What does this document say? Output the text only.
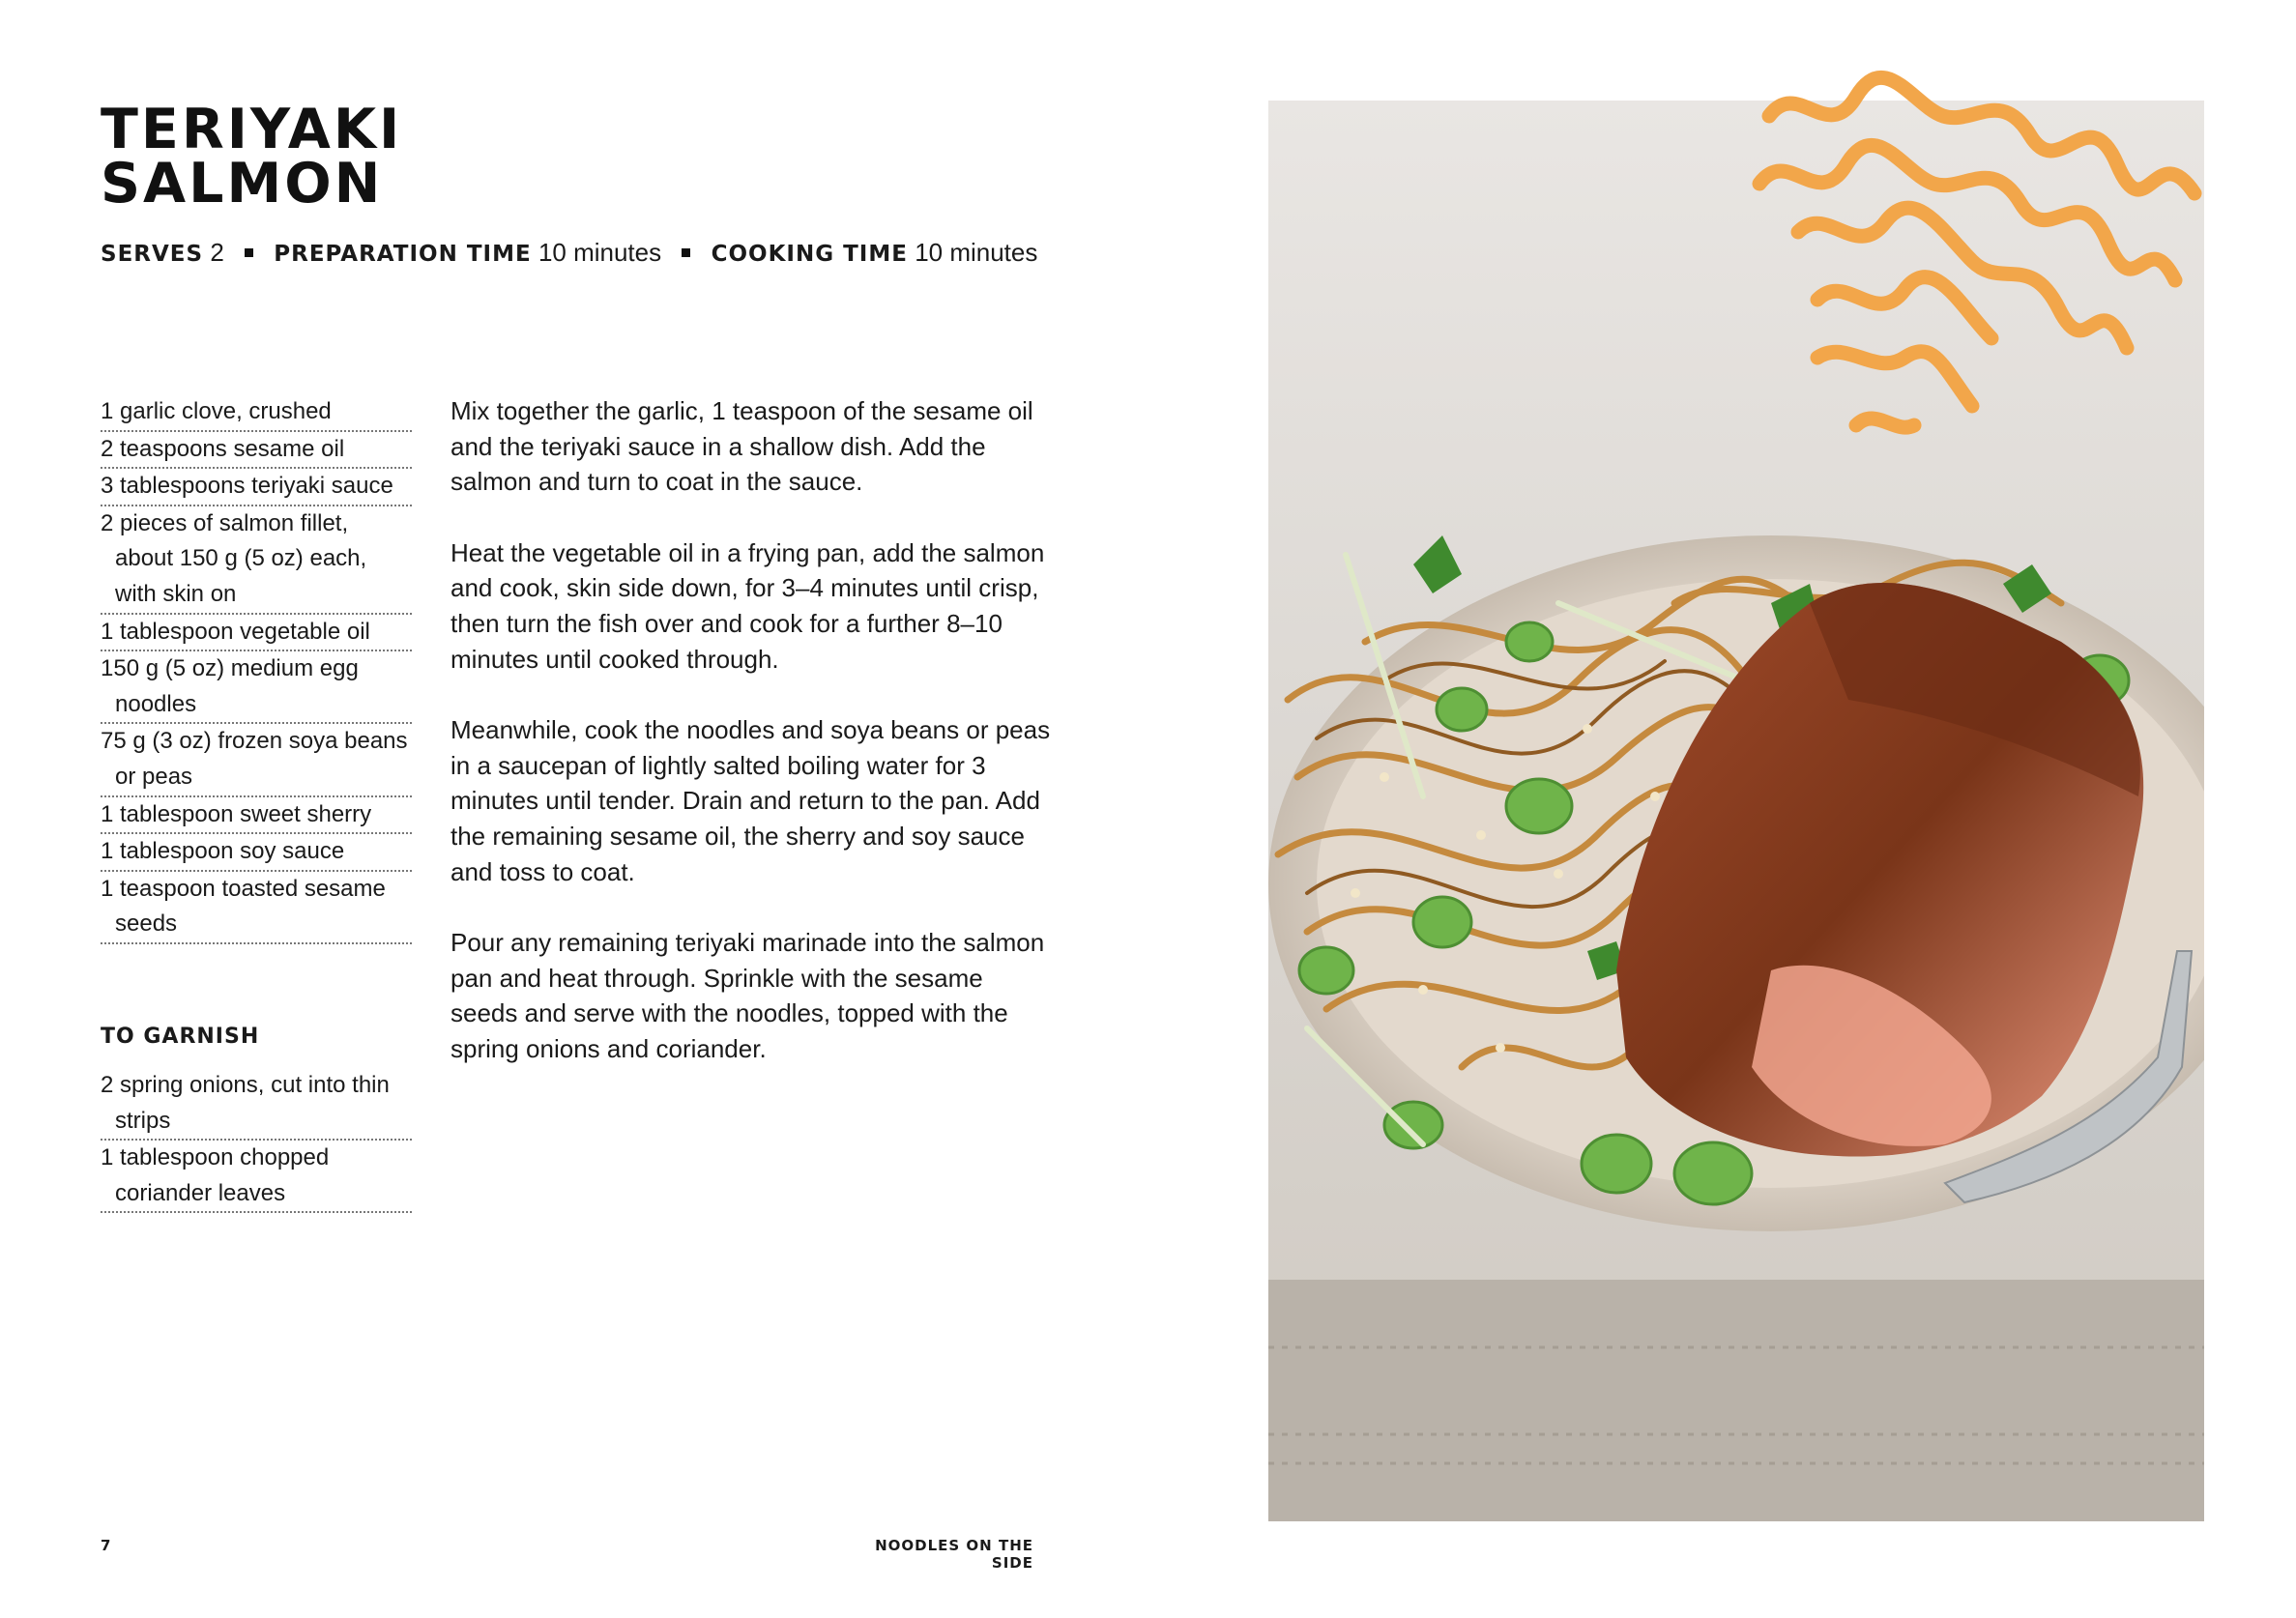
TERIYAKI
SALMON
SERVES 2 PREPARATION TIME 10 minutes COOKING TIME 10 minutes
1 garlic clove, crushed
2 teaspoons sesame oil
3 tablespoons teriyaki sauce
2 pieces of salmon fillet, about 150 g (5 oz) each, with skin on
1 tablespoon vegetable oil
150 g (5 oz) medium egg noodles
75 g (3 oz) frozen soya beans or peas
1 tablespoon sweet sherry
1 tablespoon soy sauce
1 teaspoon toasted sesame seeds
TO GARNISH
2 spring onions, cut into thin strips
1 tablespoon chopped coriander leaves

Mix together the garlic, 1 teaspoon of the sesame oil and the teriyaki sauce in a shallow dish. Add the salmon and turn to coat in the sauce.

Heat the vegetable oil in a frying pan, add the salmon and cook, skin side down, for 3–4 minutes until crisp, then turn the fish over and cook for a further 8–10 minutes until cooked through.

Meanwhile, cook the noodles and soya beans or peas in a saucepan of lightly salted boiling water for 3 minutes until tender. Drain and return to the pan. Add the remaining sesame oil, the sherry and soy sauce and toss to coat.

Pour any remaining teriyaki marinade into the salmon pan and heat through. Sprinkle with the sesame seeds and serve with the noodles, topped with the spring onions and coriander.

7	NOODLES ON THE SIDE
